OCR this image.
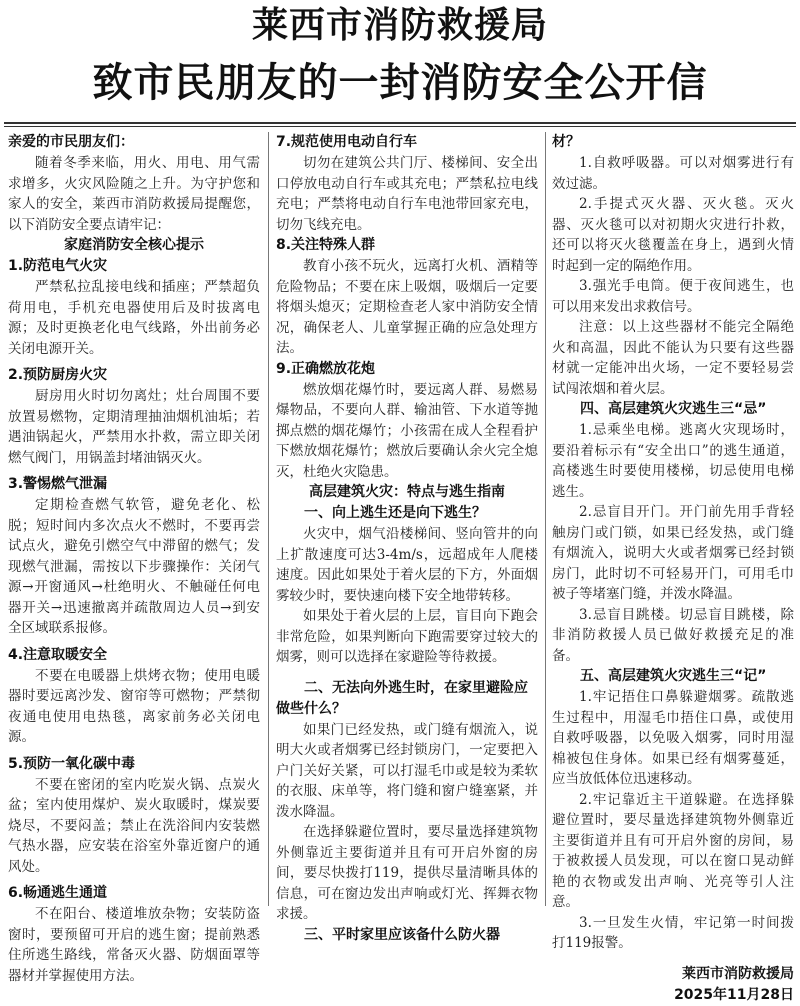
莱西市消防救援局
致市民朋友的一封消防安全公开信
亲爱的市民朋友们：
随着冬季来临，用火、用电、用气需求增多，火灾风险随之上升。为守护您和家人的安全，莱西市消防救援局提醒您，以下消防安全要点请牢记：
家庭消防安全核心提示
1.防范电气火灾
严禁私拉乱接电线和插座；严禁超负荷用电，手机充电器使用后及时拔离电源；及时更换老化电气线路，外出前务必关闭电源开关。
2.预防厨房火灾
厨房用火时切勿离灶；灶台周围不要放置易燃物，定期清理抽油烟机油垢；若遇油锅起火，严禁用水扑救，需立即关闭燃气阀门，用锅盖封堵油锅灭火。
3.警惕燃气泄漏
定期检查燃气软管，避免老化、松脱；短时间内多次点火不燃时，不要再尝试点火，避免引燃空气中滞留的燃气；发现燃气泄漏，需按以下步骤操作：关闭气源→开窗通风→杜绝明火、不触碰任何电器开关→迅速撤离并疏散周边人员→到安全区域联系报修。
4.注意取暖安全
不要在电暖器上烘烤衣物；使用电暖器时要远离沙发、窗帘等可燃物；严禁彻夜通电使用电热毯，离家前务必关闭电源。
5.预防一氧化碳中毒
不要在密闭的室内吃炭火锅、点炭火盆；室内使用煤炉、炭火取暖时，煤炭要烧尽，不要闷盖；禁止在洗浴间内安装燃气热水器，应安装在浴室外靠近窗户的通风处。
6.畅通逃生通道
不在阳台、楼道堆放杂物；安装防盗窗时，要预留可开启的逃生窗；提前熟悉住所逃生路线，常备灭火器、防烟面罩等器材并掌握使用方法。
7.规范使用电动自行车
切勿在建筑公共门厅、楼梯间、安全出口停放电动自行车或其充电；严禁私拉电线充电；严禁将电动自行车电池带回家充电，切勿飞线充电。
8.关注特殊人群
教育小孩不玩火，远离打火机、酒精等危险物品；不要在床上吸烟，吸烟后一定要将烟头熄灭；定期检查老人家中消防安全情况，确保老人、儿童掌握正确的应急处理方法。
9.正确燃放花炮
燃放烟花爆竹时，要远离人群、易燃易爆物品，不要向人群、输油管、下水道等抛掷点燃的烟花爆竹；小孩需在成人全程看护下燃放烟花爆竹；燃放后要确认余火完全熄灭，杜绝火灾隐患。
高层建筑火灾：特点与逃生指南
一、向上逃生还是向下逃生？
火灾中，烟气沿楼梯间、竖向管井的向上扩散速度可达3-4m/s，远超成年人爬楼速度。因此如果处于着火层的下方，外面烟雾较少时，要快速向楼下安全地带转移。
如果处于着火层的上层，盲目向下跑会非常危险，如果判断向下跑需要穿过较大的烟雾，则可以选择在家避险等待救援。
二、无法向外逃生时，在家里避险应做些什么？
如果门已经发热，或门缝有烟流入，说明大火或者烟雾已经封锁房门，一定要把入户门关好关紧，可以打湿毛巾或是较为柔软的衣服、床单等，将门缝和窗户缝塞紧，并泼水降温。
在选择躲避位置时，要尽量选择建筑物外侧靠近主要街道并且有可开启外窗的房间，要尽快拨打119，提供尽量清晰具体的信息，可在窗边发出声响或灯光、挥舞衣物求援。
三、平时家里应该备什么防火器
材？
1.自救呼吸器。可以对烟雾进行有效过滤。
2.手提式灭火器、灭火毯。灭火器、灭火毯可以对初期火灾进行扑救，还可以将灭火毯覆盖在身上，遇到火情时起到一定的隔绝作用。
3.强光手电筒。便于夜间逃生，也可以用来发出求救信号。
注意：以上这些器材不能完全隔绝火和高温，因此不能认为只要有这些器材就一定能冲出火场，一定不要轻易尝试闯浓烟和着火层。
四、高层建筑火灾逃生三“忌”
1.忌乘坐电梯。逃离火灾现场时，要沿着标示有“安全出口”的逃生通道，高楼逃生时要使用楼梯，切忌使用电梯逃生。
2.忌盲目开门。开门前先用手背轻触房门或门锁，如果已经发热，或门缝有烟流入，说明大火或者烟雾已经封锁房门，此时切不可轻易开门，可用毛巾被子等堵塞门缝，并泼水降温。
3.忌盲目跳楼。切忌盲目跳楼，除非消防救援人员已做好救援充足的准备。
五、高层建筑火灾逃生三“记”
1.牢记捂住口鼻躲避烟雾。疏散逃生过程中，用湿毛巾捂住口鼻，或使用自救呼吸器，以免吸入烟雾，同时用湿棉被包住身体。如果已经有烟雾蔓延，应当放低体位迅速移动。
2.牢记靠近主干道躲避。在选择躲避位置时，要尽量选择建筑物外侧靠近主要街道并且有可开启外窗的房间，易于被救援人员发现，可以在窗口晃动鲜艳的衣物或发出声响、光亮等引人注意。
3.一旦发生火情，牢记第一时间拨打119报警。
莱西市消防救援局
2025年11月28日
